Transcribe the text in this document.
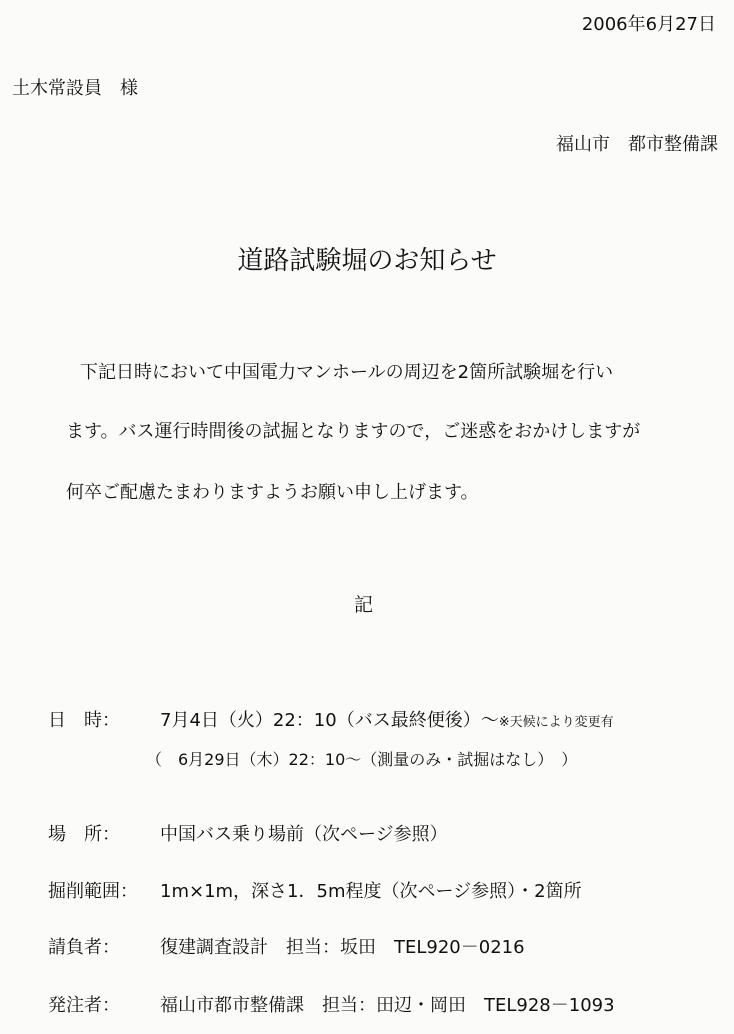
2006年6月27日
土木常設員　様
福山市　都市整備課
道路試験堀のお知らせ
下記日時において中国電力マンホールの周辺を2箇所試験堀を行い
ます。バス運行時間後の試掘となりますので，ご迷惑をおかけしますが
何卒ご配慮たまわりますようお願い申し上げます。
記
日　時： 7月4日（火）22：10（バス最終便後）〜※天候により変更有
（　6月29日（木）22：10〜（測量のみ・試掘はなし）　）
場　所： 中国バス乗り場前（次ページ参照）
掘削範囲： 1m×1m，深さ1．5m程度（次ページ参照）・2箇所
請負者： 復建調査設計　担当：坂田　TEL920－0216
発注者： 福山市都市整備課　担当：田辺・岡田　TEL928－1093
